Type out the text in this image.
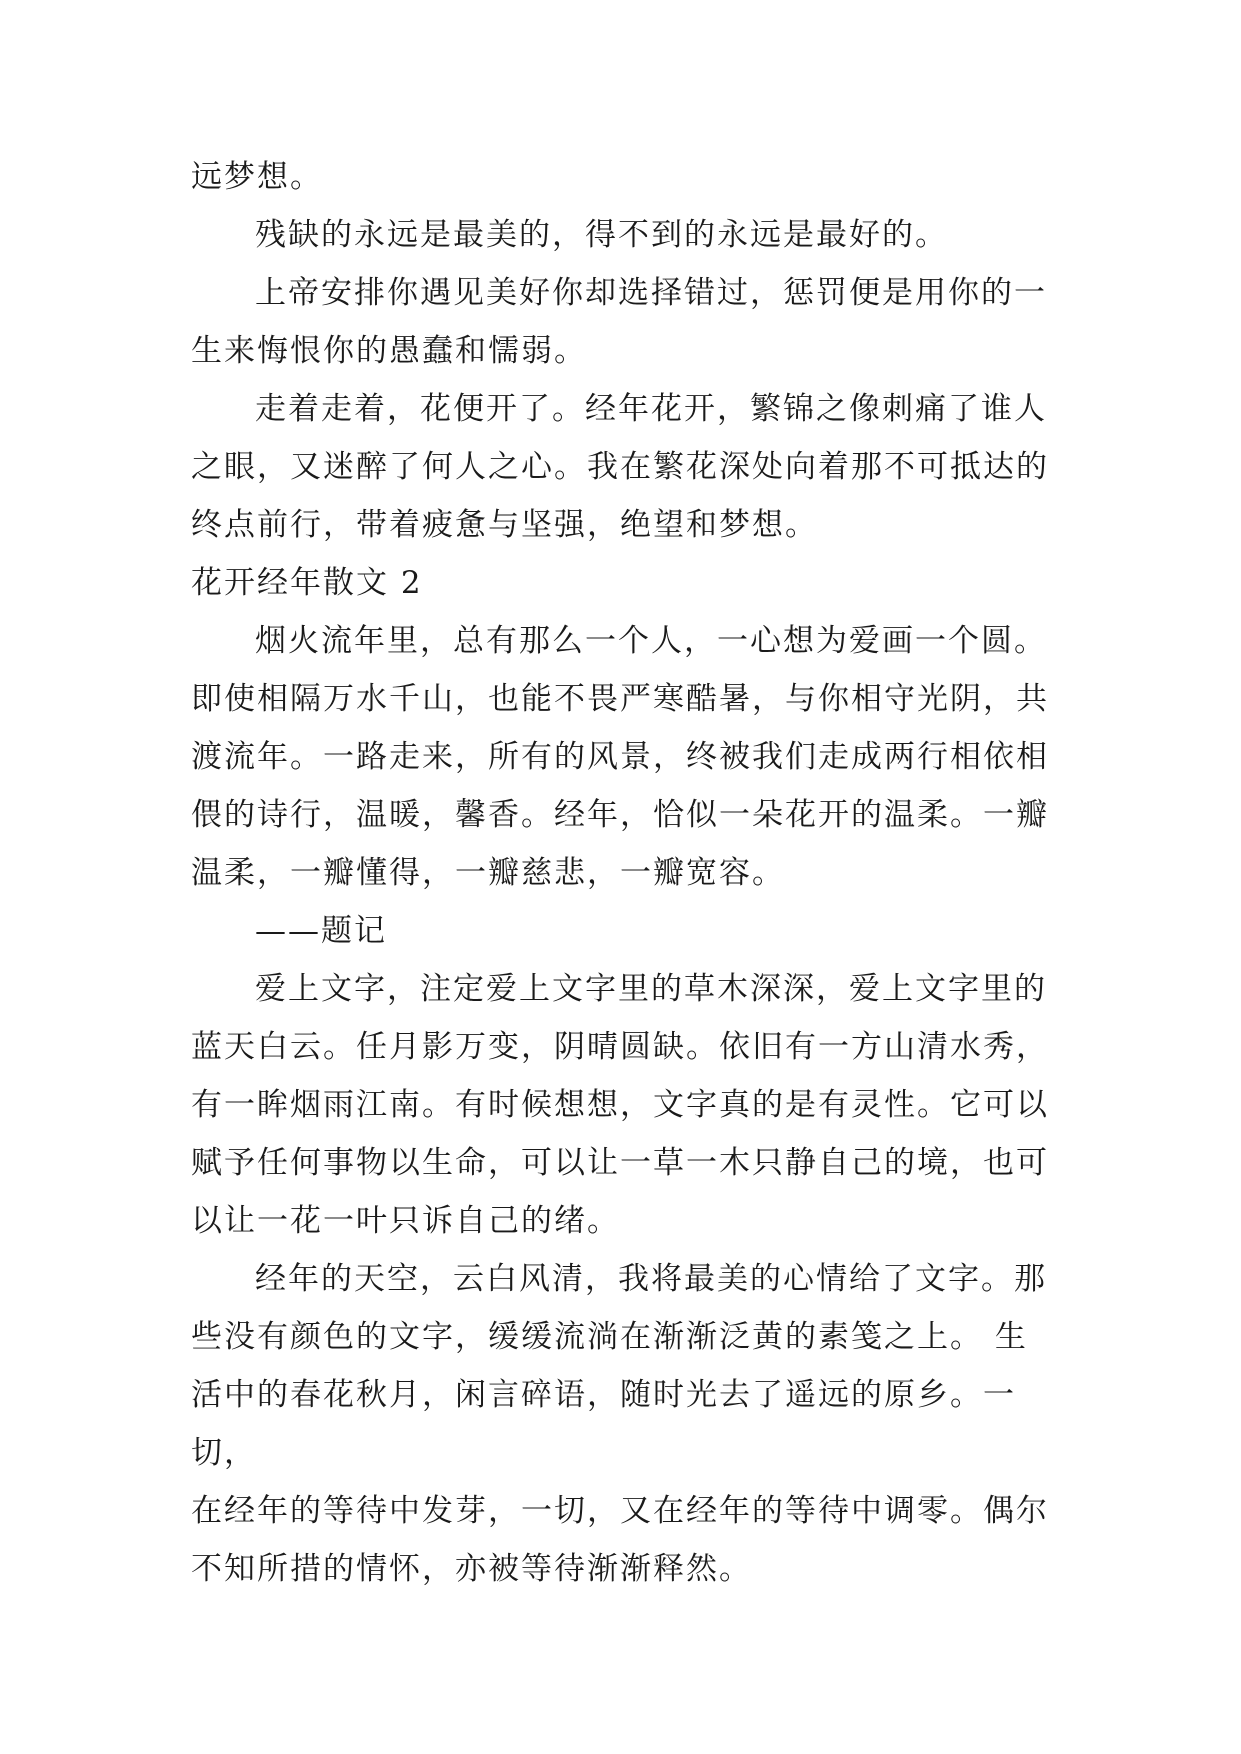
远梦想。

残缺的永远是最美的，得不到的永远是最好的。

上帝安排你遇见美好你却选择错过，惩罚便是用你的一
生来悔恨你的愚蠢和懦弱。

走着走着，花便开了。经年花开，繁锦之像刺痛了谁人
之眼，又迷醉了何人之心。我在繁花深处向着那不可抵达的
终点前行，带着疲惫与坚强，绝望和梦想。

花开经年散文 2

烟火流年里，总有那么一个人，一心想为爱画一个圆。
即使相隔万水千山，也能不畏严寒酷暑，与你相守光阴，共
渡流年。一路走来，所有的风景，终被我们走成两行相依相
偎的诗行，温暖，馨香。经年，恰似一朵花开的温柔。一瓣
温柔，一瓣懂得，一瓣慈悲，一瓣宽容。

——题记

爱上文字，注定爱上文字里的草木深深，爱上文字里的
蓝天白云。任月影万变，阴晴圆缺。依旧有一方山清水秀，
有一眸烟雨江南。有时候想想，文字真的是有灵性。它可以
赋予任何事物以生命，可以让一草一木只静自己的境，也可
以让一花一叶只诉自己的绪。

经年的天空，云白风清，我将最美的心情给了文字。那
些没有颜色的文字，缓缓流淌在渐渐泛黄的素笺之上。 生
活中的春花秋月，闲言碎语，随时光去了遥远的原乡。一切，
在经年的等待中发芽，一切，又在经年的等待中调零。偶尔
不知所措的情怀，亦被等待渐渐释然。
